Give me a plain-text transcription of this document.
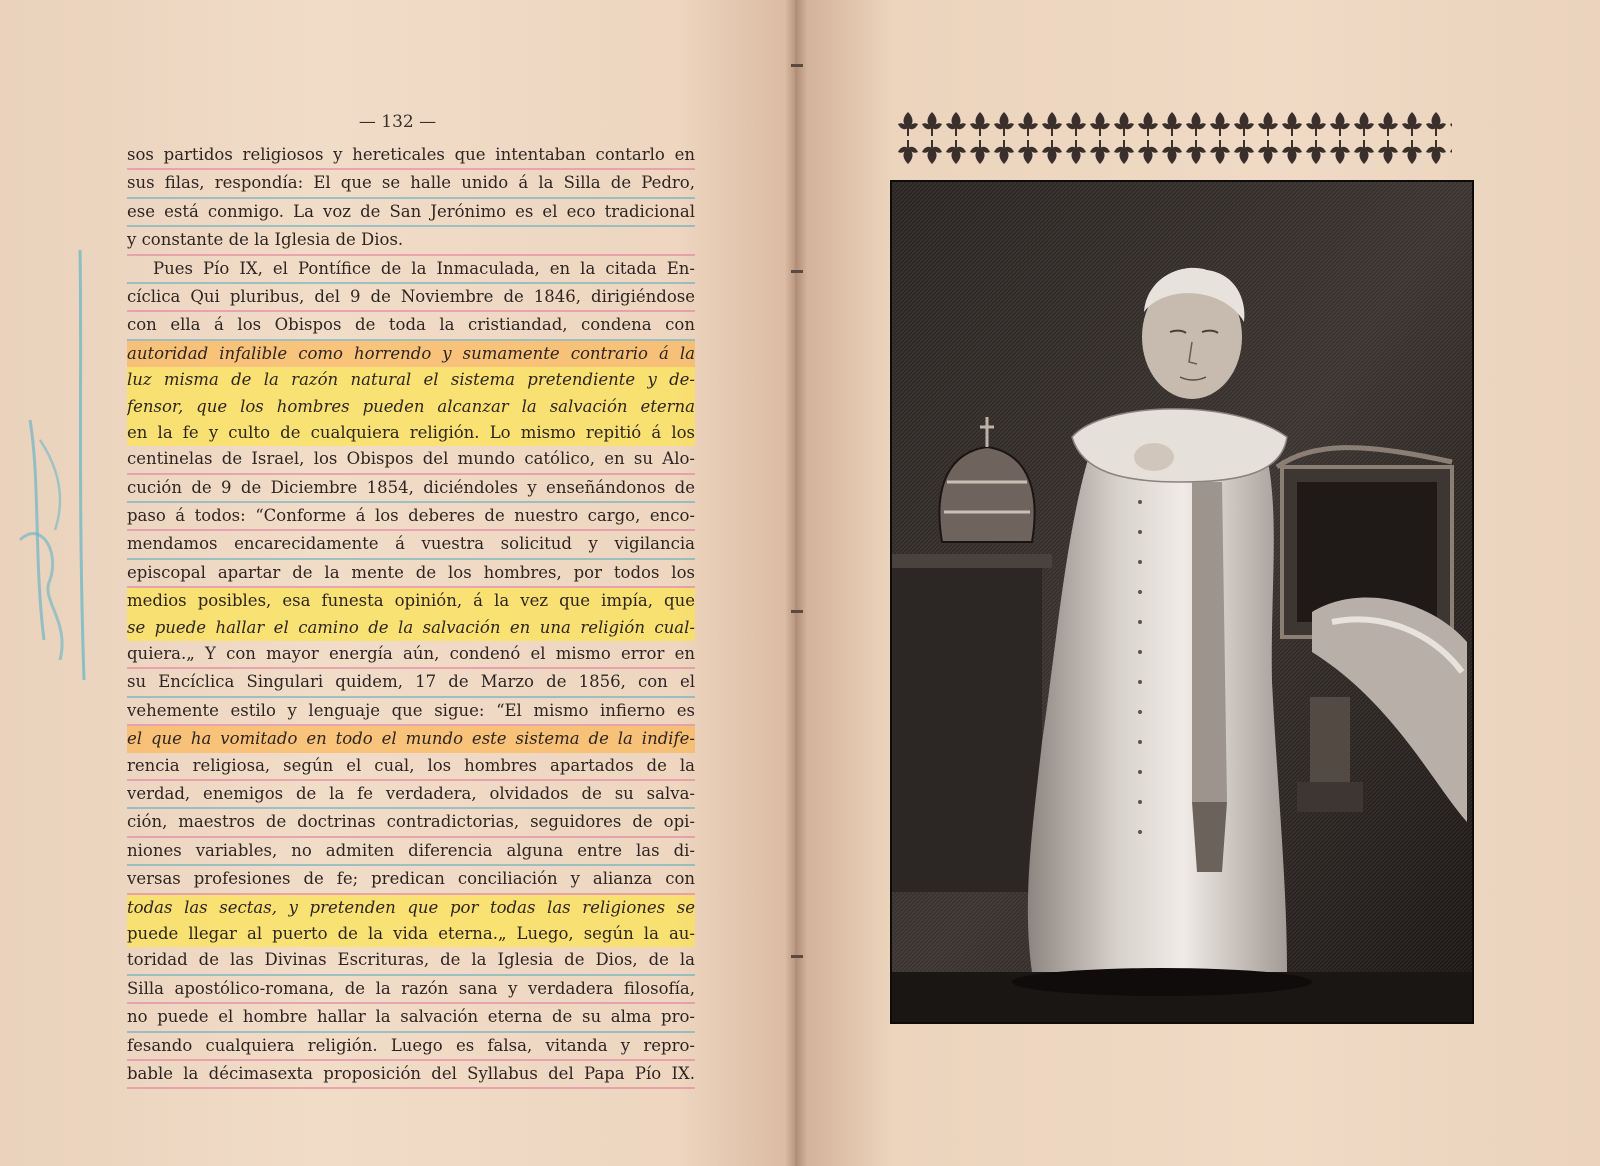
— 132 —
sos partidos religiosos y hereticales que intentaban contarlo en
sus filas, respondía: El que se halle unido á la Silla de Pedro,
ese está conmigo. La voz de San Jerónimo es el eco tradicional
y constante de la Iglesia de Dios.
Pues Pío IX, el Pontífice de la Inmaculada, en la citada En-
cíclica Qui pluribus, del 9 de Noviembre de 1846, dirigiéndose
con ella á los Obispos de toda la cristiandad, condena con
autoridad infalible como horrendo y sumamente contrario á la
luz misma de la razón natural el sistema pretendiente y de-
fensor, que los hombres pueden alcanzar la salvación eterna
en la fe y culto de cualquiera religión. Lo mismo repitió á los
centinelas de Israel, los Obispos del mundo católico, en su Alo-
cución de 9 de Diciembre 1854, diciéndoles y enseñándonos de
paso á todos: “Conforme á los deberes de nuestro cargo, enco-
mendamos encarecidamente á vuestra solicitud y vigilancia
episcopal apartar de la mente de los hombres, por todos los
medios posibles, esa funesta opinión, á la vez que impía, que
se puede hallar el camino de la salvación en una religión cual-
quiera.„ Y con mayor energía aún, condenó el mismo error en
su Encíclica Singulari quidem, 17 de Marzo de 1856, con el
vehemente estilo y lenguaje que sigue: “El mismo infierno es
el que ha vomitado en todo el mundo este sistema de la indife-
rencia religiosa, según el cual, los hombres apartados de la
verdad, enemigos de la fe verdadera, olvidados de su salva-
ción, maestros de doctrinas contradictorias, seguidores de opi-
niones variables, no admiten diferencia alguna entre las di-
versas profesiones de fe; predican conciliación y alianza con
todas las sectas, y pretenden que por todas las religiones se
puede llegar al puerto de la vida eterna.„ Luego, según la au-
toridad de las Divinas Escrituras, de la Iglesia de Dios, de la
Silla apostólico-romana, de la razón sana y verdadera filosofía,
no puede el hombre hallar la salvación eterna de su alma pro-
fesando cualquiera religión. Luego es falsa, vitanda y repro-
bable la décimasexta proposición del Syllabus del Papa Pío IX.
